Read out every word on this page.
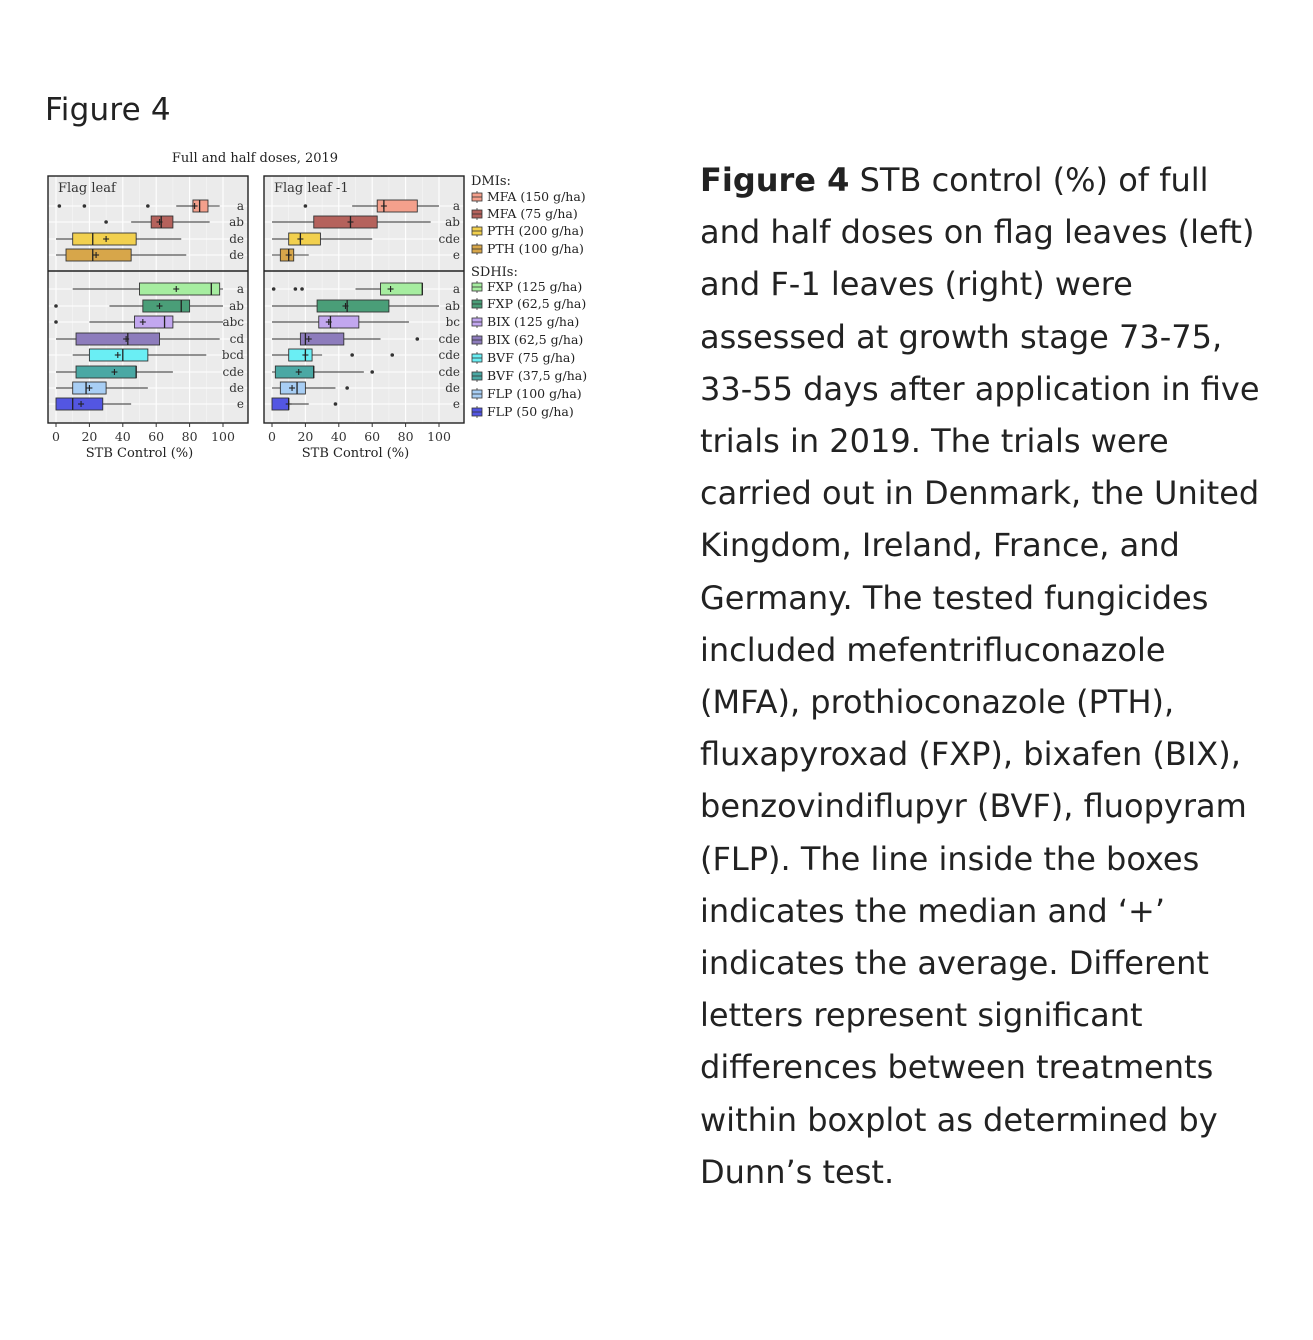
Figure 4
Full and half doses, 2019
Flag leaf
a
ab
de
de
a
ab
abc
cd
bcd
cde
de
e
0 20 40 60 80 100
STB Control (%)
Flag leaf -1
a
ab
cde
e
a
ab
bc
cde
cde
cde
de
e
0 20 40 60 80 100
STB Control (%)
DMIs:
SDHIs:
MFA (150 g/ha)
MFA (75 g/ha)
PTH (200 g/ha)
PTH (100 g/ha)
FXP (125 g/ha)
FXP (62,5 g/ha)
BIX (125 g/ha)
BIX (62,5 g/ha)
BVF (75 g/ha)
BVF (37,5 g/ha)
FLP (100 g/ha)
FLP (50 g/ha)
Figure 4 STB control (%) of full and half doses on flag leaves (left) and F-1 leaves (right) were assessed at growth stage 73-75, 33-55 days after application in five trials in 2019. The trials were carried out in Denmark, the United Kingdom, Ireland, France, and Germany. The tested fungicides included mefentrifluconazole (MFA), prothioconazole (PTH), fluxapyroxad (FXP), bixafen (BIX), benzovindiflupyr (BVF), fluopyram (FLP). The line inside the boxes indicates the median and ‘+’ indicates the average. Different letters represent significant differences between treatments within boxplot as determined by Dunn’s test.
